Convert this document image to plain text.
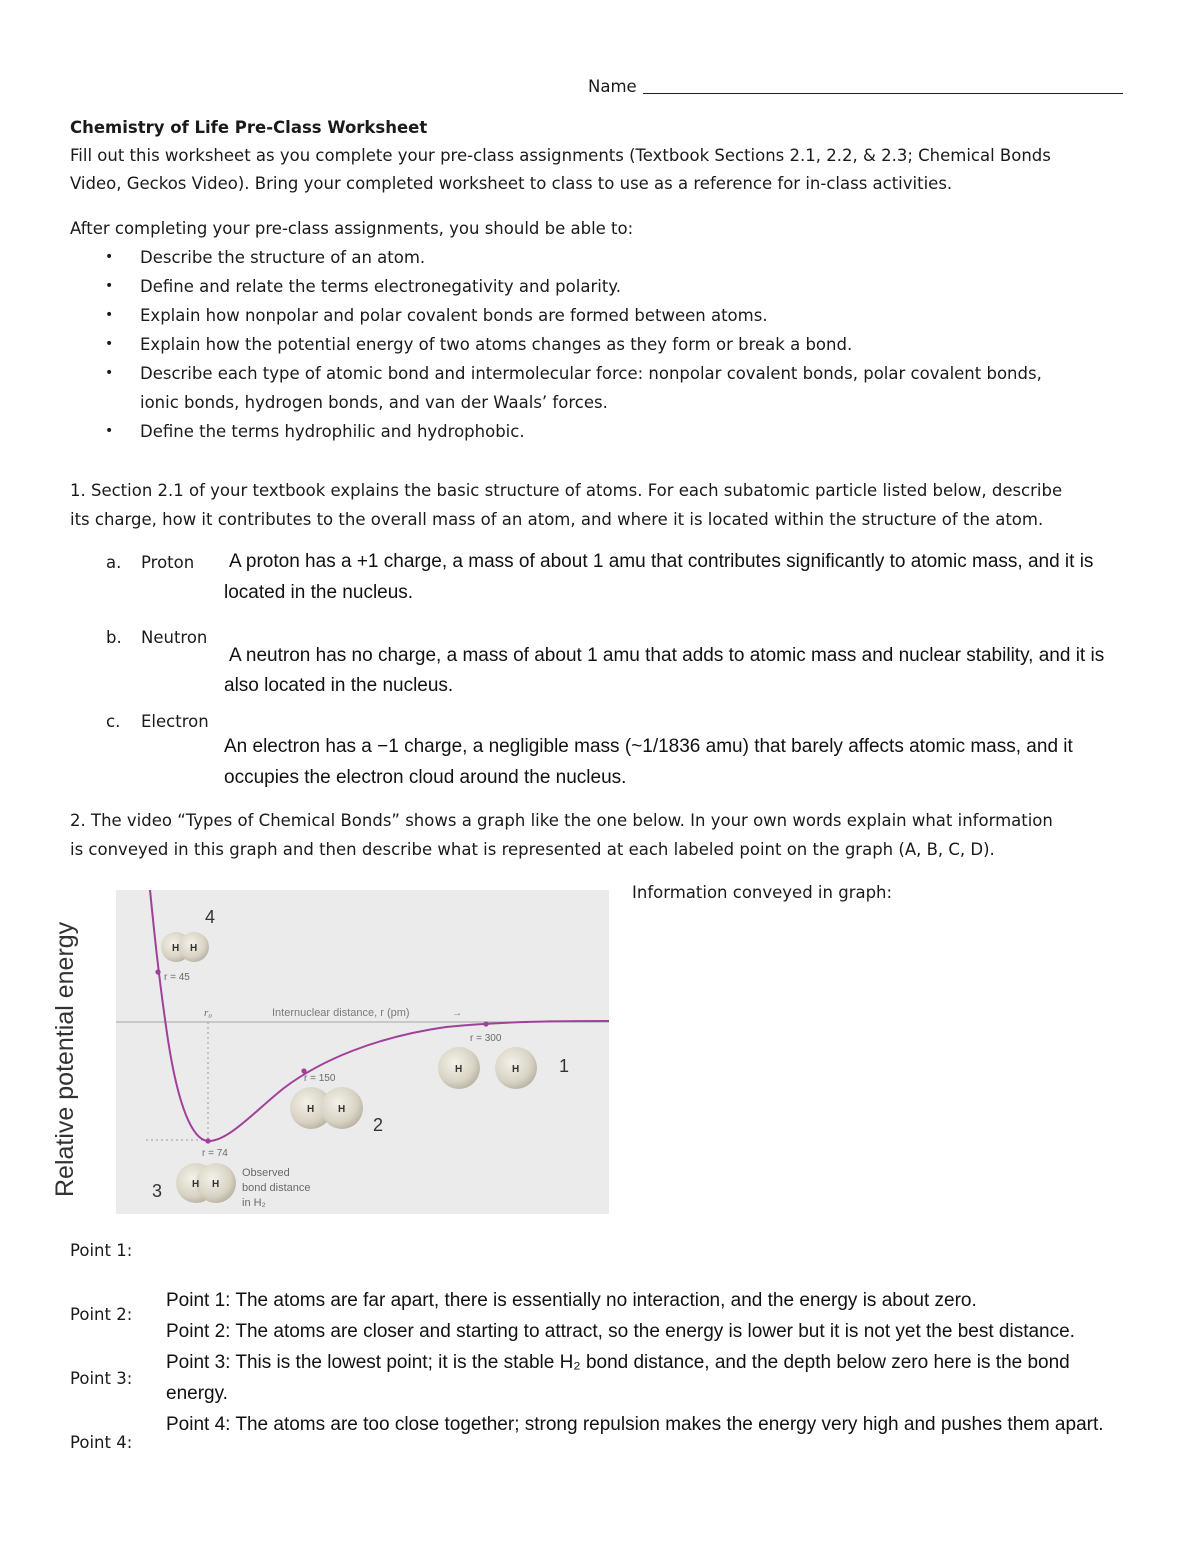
Name
Chemistry of Life Pre-Class Worksheet
Fill out this worksheet as you complete your pre-class assignments (Textbook Sections 2.1, 2.2, & 2.3; Chemical Bonds
Video, Geckos Video). Bring your completed worksheet to class to use as a reference for in-class activities.
After completing your pre-class assignments, you should be able to:
• Describe the structure of an atom.
• Define and relate the terms electronegativity and polarity.
• Explain how nonpolar and polar covalent bonds are formed between atoms.
• Explain how the potential energy of two atoms changes as they form or break a bond.
• Describe each type of atomic bond and intermolecular force: nonpolar covalent bonds, polar covalent bonds,
ionic bonds, hydrogen bonds, and van der Waals’ forces.
• Define the terms hydrophilic and hydrophobic.
1. Section 2.1 of your textbook explains the basic structure of atoms. For each subatomic particle listed below, describe
its charge, how it contributes to the overall mass of an atom, and where it is located within the structure of the atom.
a. Proton A proton has a +1 charge, a mass of about 1 amu that contributes significantly to atomic mass, and it is
located in the nucleus.
b. Neutron
A neutron has no charge, a mass of about 1 amu that adds to atomic mass and nuclear stability, and it is
also located in the nucleus.
c. Electron
An electron has a −1 charge, a negligible mass (~1/1836 amu) that barely affects atomic mass, and it
occupies the electron cloud around the nucleus.
2. The video “Types of Chemical Bonds” shows a graph like the one below. In your own words explain what information
is conveyed in this graph and then describe what is represented at each labeled point on the graph (A, B, C, D).
Information conveyed in graph:
Internuclear distance, r (pm)	→
r₀
r = 45
4
H H
r = 300
1
H	H
r = 150
2
H H
r = 74
3	H H
Observed
bond distance
in H₂
Relative potential energy
Point 1:
Point 2:
Point 3:
Point 4:
Point 1: The atoms are far apart, there is essentially no interaction, and the energy is about zero.
Point 2: The atoms are closer and starting to attract, so the energy is lower but it is not yet the best distance.
Point 3: This is the lowest point; it is the stable H₂ bond distance, and the depth below zero here is the bond
energy.
Point 4: The atoms are too close together; strong repulsion makes the energy very high and pushes them apart.
